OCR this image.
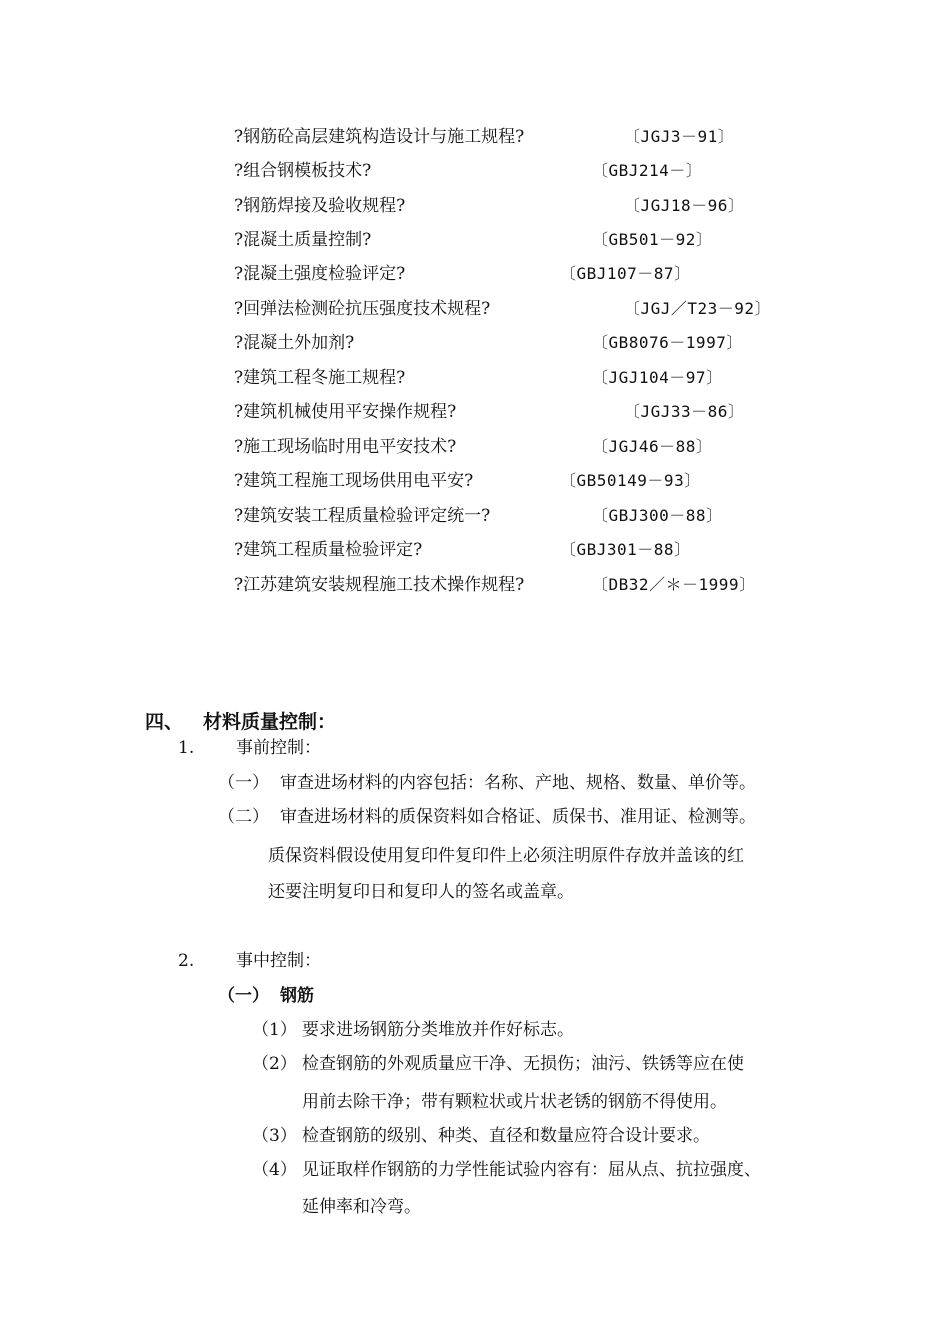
?钢筋砼高层建筑构造设计与施工规程?	〔JGJ3－91〕
?组合钢模板技术?	〔GBJ214－〕
?钢筋焊接及验收规程?	〔JGJ18－96〕
?混凝土质量控制?	〔GB501－92〕
?混凝土强度检验评定?	〔GBJ107－87〕
?回弹法检测砼抗压强度技术规程?	〔JGJ／T23－92〕
?混凝土外加剂?	〔GB8076－1997〕
?建筑工程冬施工规程?	〔JGJ104－97〕
?建筑机械使用平安操作规程?	〔JGJ33－86〕
?施工现场临时用电平安技术?	〔JGJ46－88〕
?建筑工程施工现场供用电平安?	〔GB50149－93〕
?建筑安装工程质量检验评定统一?	〔GBJ300－88〕
?建筑工程质量检验评定?	〔GBJ301－88〕
?江苏建筑安装规程施工技术操作规程?	〔DB32／＊－1999〕
四、 材料质量控制：
1. 事前控制：
（一） 审查进场材料的内容包括：名称、产地、规格、数量、单价等。
（二） 审查进场材料的质保资料如合格证、质保书、准用证、检测等。
质保资料假设使用复印件复印件上必须注明原件存放并盖该的红
还要注明复印日和复印人的签名或盖章。
2. 事中控制：
（一） 钢筋
（1） 要求进场钢筋分类堆放并作好标志。
（2） 检查钢筋的外观质量应干净、无损伤；油污、铁锈等应在使
用前去除干净；带有颗粒状或片状老锈的钢筋不得使用。
（3） 检查钢筋的级别、种类、直径和数量应符合设计要求。
（4） 见证取样作钢筋的力学性能试验内容有：屈从点、抗拉强度、
延伸率和冷弯。
